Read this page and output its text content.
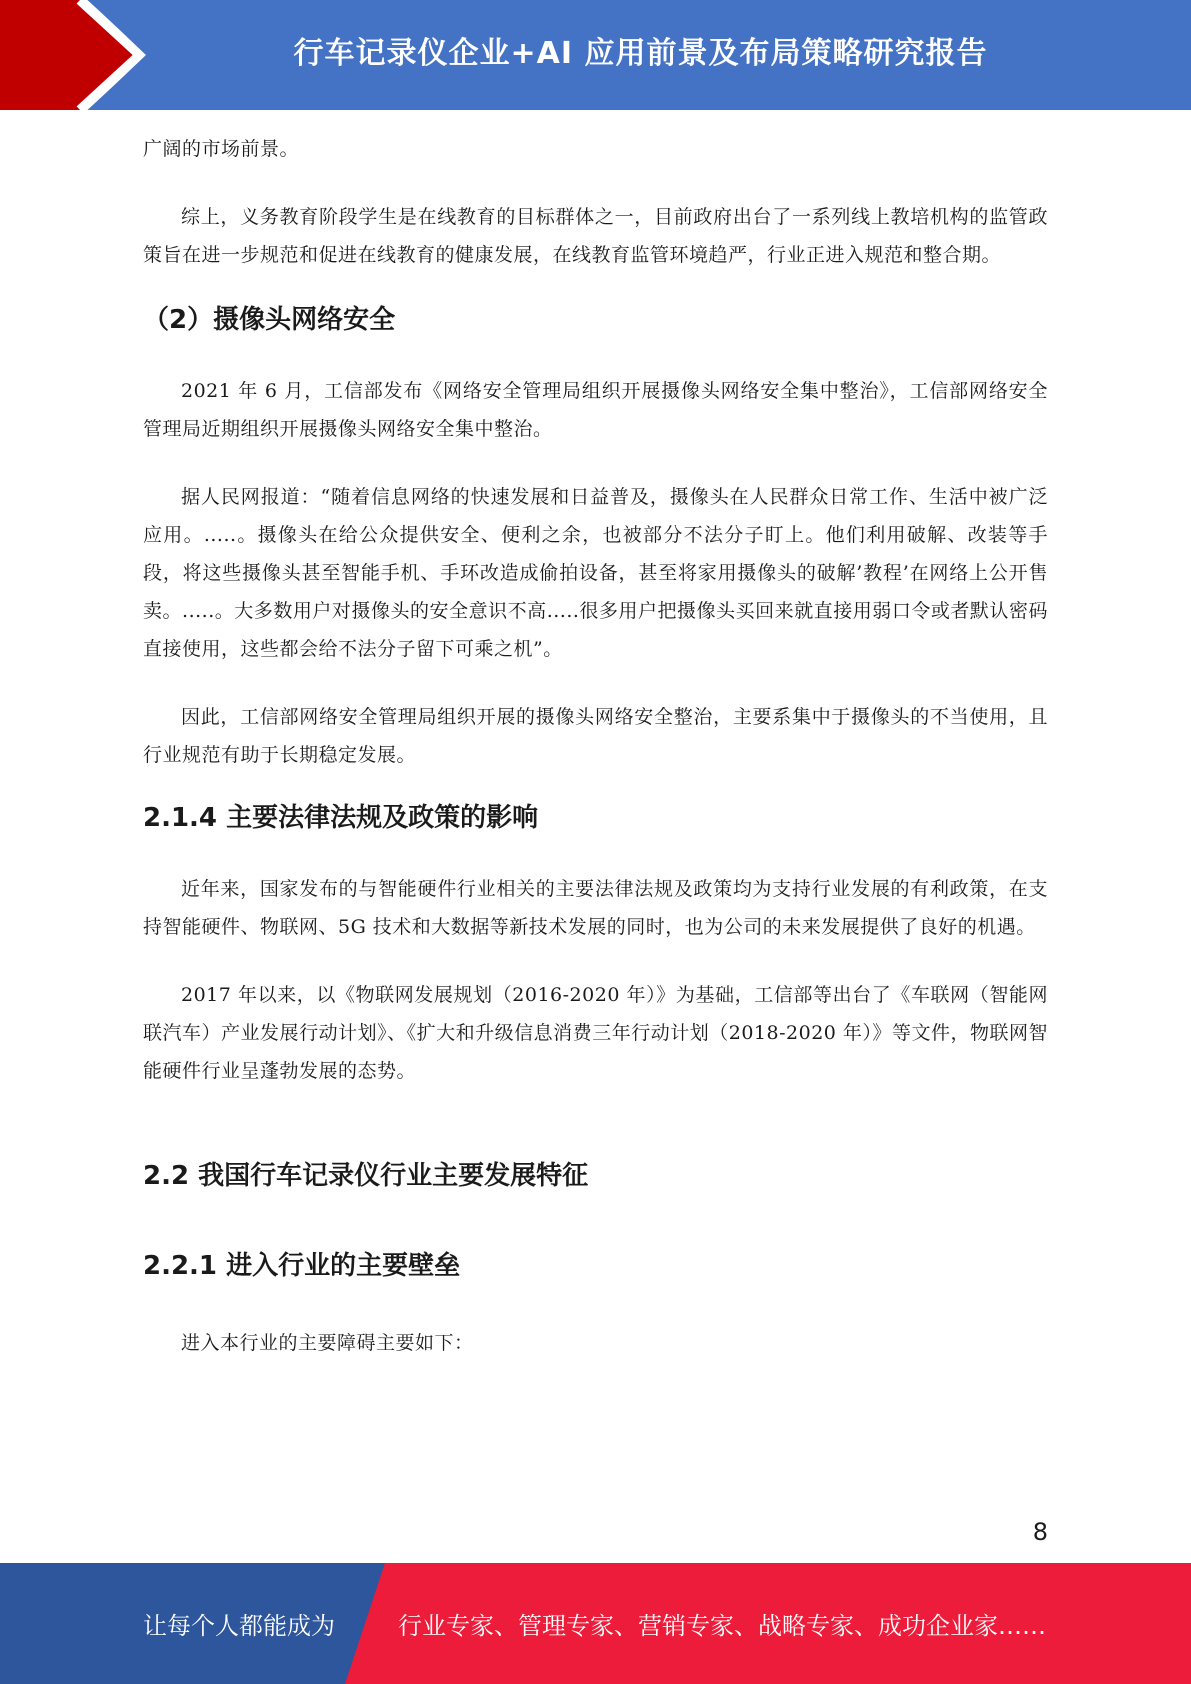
行车记录仪企业+AI 应用前景及布局策略研究报告

广阔的市场前景。

综上，义务教育阶段学生是在线教育的目标群体之一，目前政府出台了一系列线上教培机构的监管政策旨在进一步规范和促进在线教育的健康发展，在线教育监管环境趋严，行业正进入规范和整合期。

（2）摄像头网络安全

2021 年 6 月，工信部发布《网络安全管理局组织开展摄像头网络安全集中整治》，工信部网络安全管理局近期组织开展摄像头网络安全集中整治。

据人民网报道：“随着信息网络的快速发展和日益普及，摄像头在人民群众日常工作、生活中被广泛应用。.....。摄像头在给公众提供安全、便利之余，也被部分不法分子盯上。他们利用破解、改装等手段，将这些摄像头甚至智能手机、手环改造成偷拍设备，甚至将家用摄像头的破解’教程’在网络上公开售卖。.....。大多数用户对摄像头的安全意识不高.....很多用户把摄像头买回来就直接用弱口令或者默认密码直接使用，这些都会给不法分子留下可乘之机”。

因此，工信部网络安全管理局组织开展的摄像头网络安全整治，主要系集中于摄像头的不当使用，且行业规范有助于长期稳定发展。

2.1.4 主要法律法规及政策的影响

近年来，国家发布的与智能硬件行业相关的主要法律法规及政策均为支持行业发展的有利政策，在支持智能硬件、物联网、5G 技术和大数据等新技术发展的同时，也为公司的未来发展提供了良好的机遇。

2017 年以来，以《物联网发展规划（2016-2020 年）》为基础，工信部等出台了《车联网（智能网联汽车）产业发展行动计划》、《扩大和升级信息消费三年行动计划（2018-2020 年）》等文件，物联网智能硬件行业呈蓬勃发展的态势。

2.2 我国行车记录仪行业主要发展特征
2.2.1 进入行业的主要壁垒

进入本行业的主要障碍主要如下：

8
让每个人都能成为	行业专家、管理专家、营销专家、战略专家、成功企业家……
